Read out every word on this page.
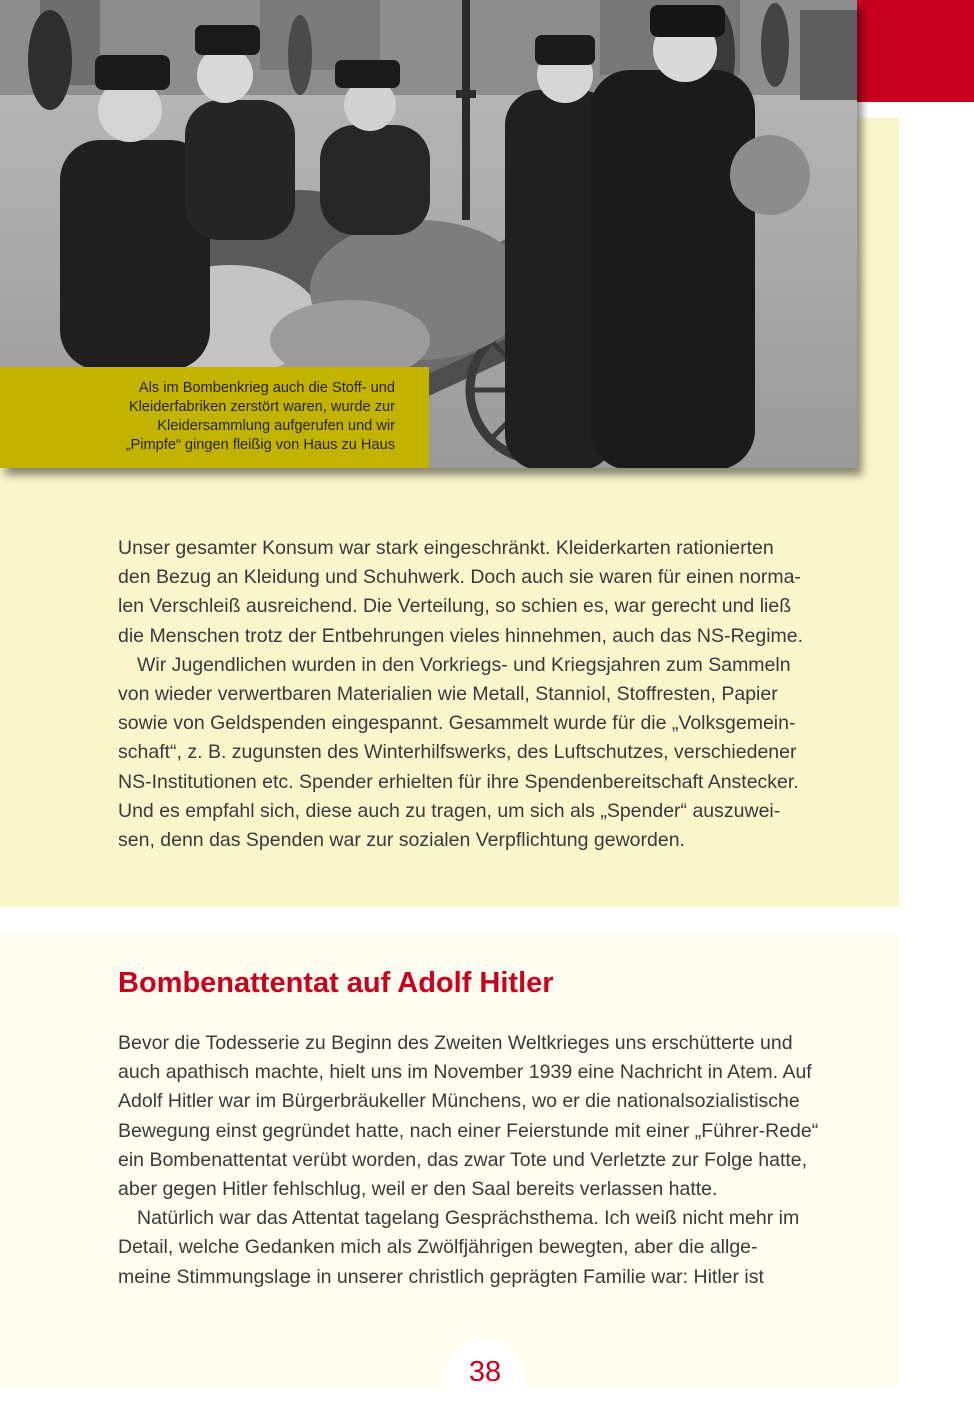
Als im Bombenkrieg auch die Stoff- und
Kleiderfabriken zerstört waren, wurde zur
Kleidersammlung aufgerufen und wir
„Pimpfe“ gingen fleißig von Haus zu Haus

Unser gesamter Konsum war stark eingeschränkt. Kleiderkarten rationierten
den Bezug an Kleidung und Schuhwerk. Doch auch sie waren für einen norma-
len Verschleiß ausreichend. Die Verteilung, so schien es, war gerecht und ließ
die Menschen trotz der Entbehrungen vieles hinnehmen, auch das NS-Regime.
Wir Jugendlichen wurden in den Vorkriegs- und Kriegsjahren zum Sammeln
von wieder verwertbaren Materialien wie Metall, Stanniol, Stoffresten, Papier
sowie von Geldspenden eingespannt. Gesammelt wurde für die „Volksgemein-
schaft“, z. B. zugunsten des Winterhilfswerks, des Luftschutzes, verschiedener
NS-Institutionen etc. Spender erhielten für ihre Spendenbereitschaft Anstecker.
Und es empfahl sich, diese auch zu tragen, um sich als „Spender“ auszuwei-
sen, denn das Spenden war zur sozialen Verpflichtung geworden.
Bombenattentat auf Adolf Hitler
Bevor die Todesserie zu Beginn des Zweiten Weltkrieges uns erschütterte und
auch apathisch machte, hielt uns im November 1939 eine Nachricht in Atem. Auf
Adolf Hitler war im Bürgerbräukeller Münchens, wo er die nationalsozialistische
Bewegung einst gegründet hatte, nach einer Feierstunde mit einer „Führer-Rede“
ein Bombenattentat verübt worden, das zwar Tote und Verletzte zur Folge hatte,
aber gegen Hitler fehlschlug, weil er den Saal bereits verlassen hatte.
Natürlich war das Attentat tagelang Gesprächsthema. Ich weiß nicht mehr im
Detail, welche Gedanken mich als Zwölfjährigen bewegten, aber die allge-
meine Stimmungslage in unserer christlich geprägten Familie war: Hitler ist
38
